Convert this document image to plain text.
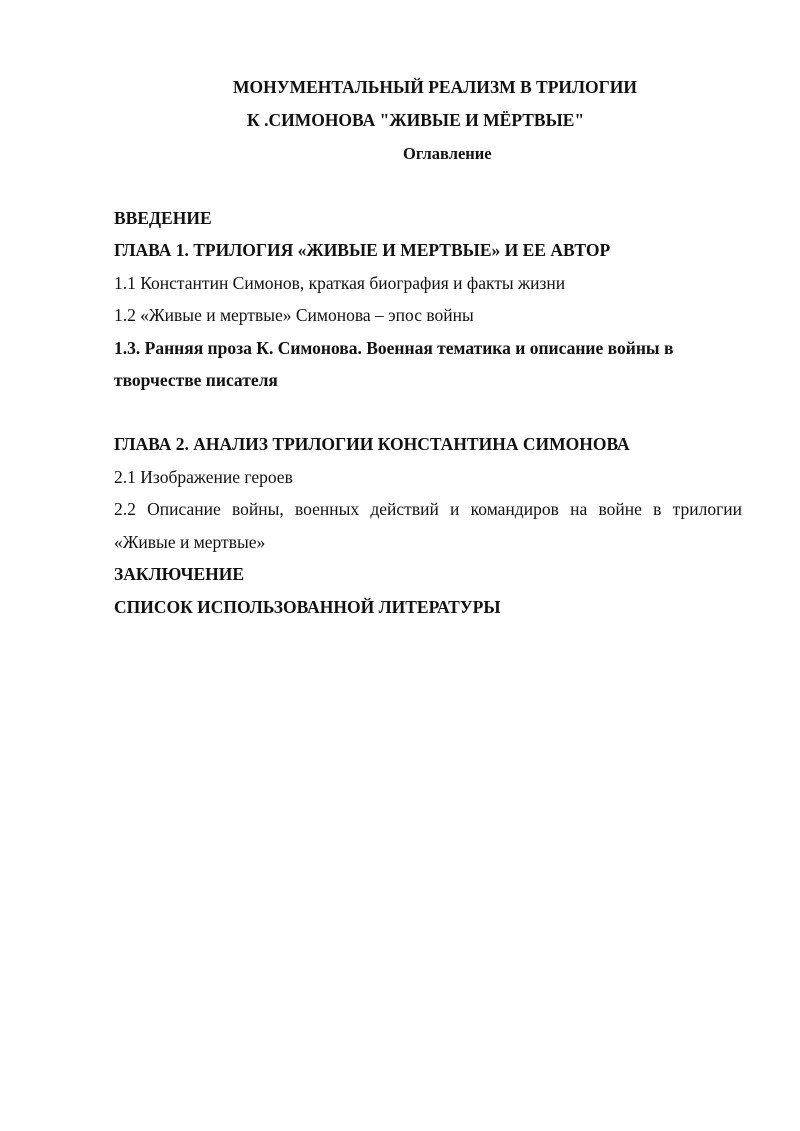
МОНУМЕНТАЛЬНЫЙ РЕАЛИЗМ В ТРИЛОГИИ
К .СИМОНОВА "ЖИВЫЕ И МЁРТВЫЕ"
Оглавление
ВВЕДЕНИЕ
ГЛАВА 1. ТРИЛОГИЯ «ЖИВЫЕ И МЕРТВЫЕ» И ЕЕ АВТОР
1.1 Константин Симонов, краткая биография и факты жизни
1.2 «Живые и мертвые» Симонова – эпос войны
1.3. Ранняя проза К. Симонова. Военная тематика и описание войны в
творчестве писателя
ГЛАВА 2. АНАЛИЗ ТРИЛОГИИ КОНСТАНТИНА СИМОНОВА
2.1 Изображение героев
2.2 Описание войны, военных действий и командиров на войне в трилогии
«Живые и мертвые»
ЗАКЛЮЧЕНИЕ
СПИСОК ИСПОЛЬЗОВАННОЙ ЛИТЕРАТУРЫ
